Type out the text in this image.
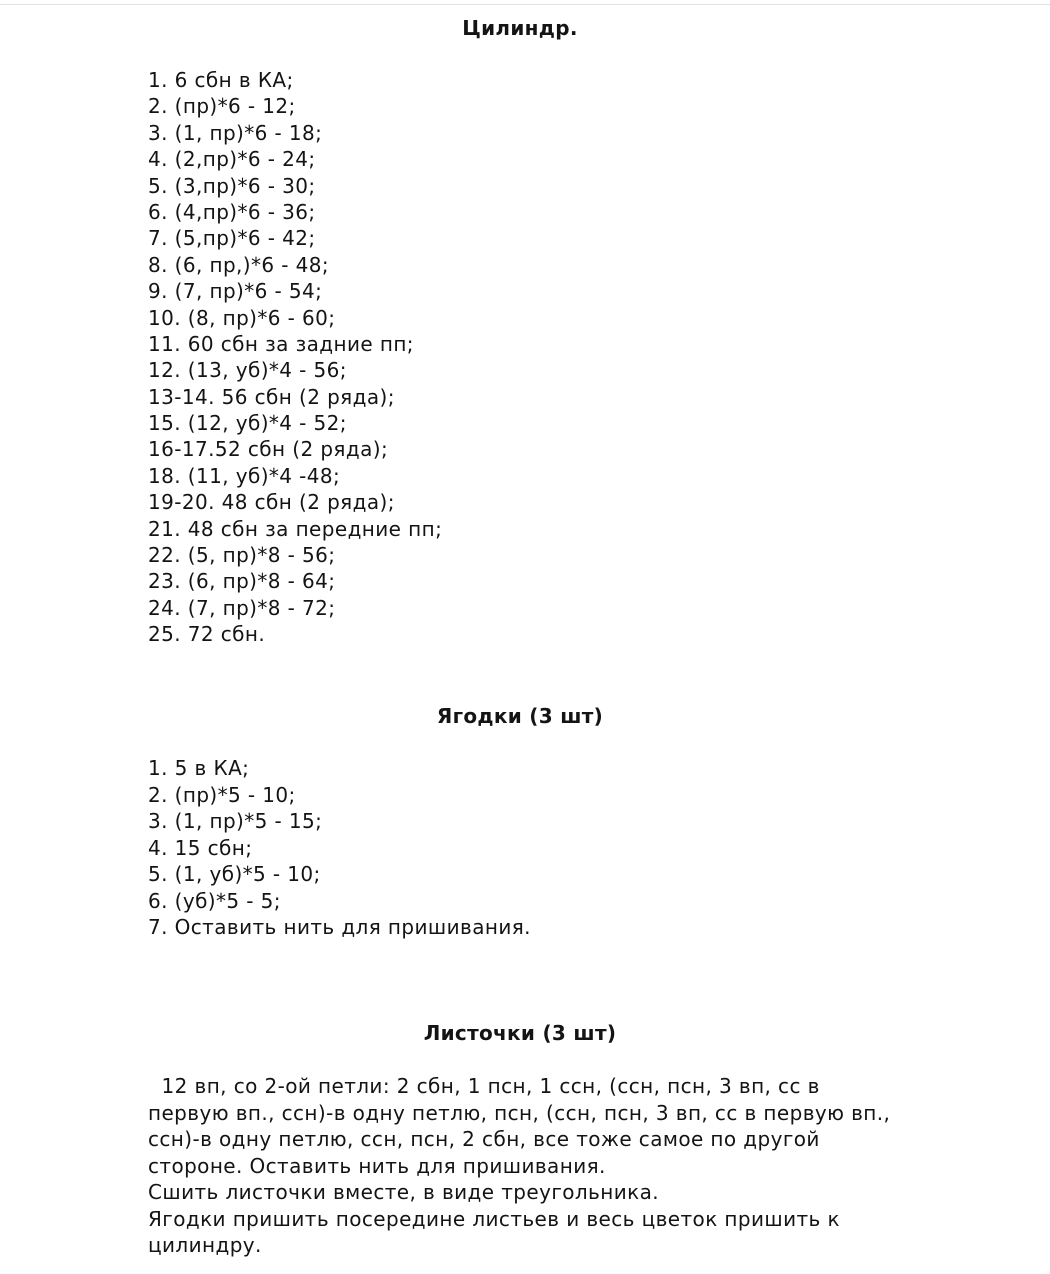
Цилиндр.
1. 6 сбн в КА;
2. (пр)*6 - 12;
3. (1, пр)*6 - 18;
4. (2,пр)*6 - 24;
5. (3,пр)*6 - 30;
6. (4,пр)*6 - 36;
7. (5,пр)*6 - 42;
8. (6, пр,)*6 - 48;
9. (7, пр)*6 - 54;
10. (8, пр)*6 - 60;
11. 60 сбн за задние пп;
12. (13, уб)*4 - 56;
13-14. 56 сбн (2 ряда);
15. (12, уб)*4 - 52;
16-17.52 сбн (2 ряда);
18. (11, уб)*4 -48;
19-20. 48 сбн (2 ряда);
21. 48 сбн за передние пп;
22. (5, пр)*8 - 56;
23. (6, пр)*8 - 64;
24. (7, пр)*8 - 72;
25. 72 сбн.
Ягодки (3 шт)
1. 5 в КА;
2. (пр)*5 - 10;
3. (1, пр)*5 - 15;
4. 15 сбн;
5. (1, уб)*5 - 10;
6. (уб)*5 - 5;
7. Оставить нить для пришивания.
Листочки (3 шт)
12 вп, со 2-ой петли: 2 сбн, 1 псн, 1 ссн, (ссн, псн, 3 вп, сс в
первую вп., ссн)-в одну петлю, псн, (ссн, псн, 3 вп, сс в первую вп.,
ссн)-в одну петлю, ссн, псн, 2 сбн, все тоже самое по другой
стороне. Оставить нить для пришивания.
Сшить листочки вместе, в виде треугольника.
Ягодки пришить посередине листьев и весь цветок пришить к
цилиндру.
